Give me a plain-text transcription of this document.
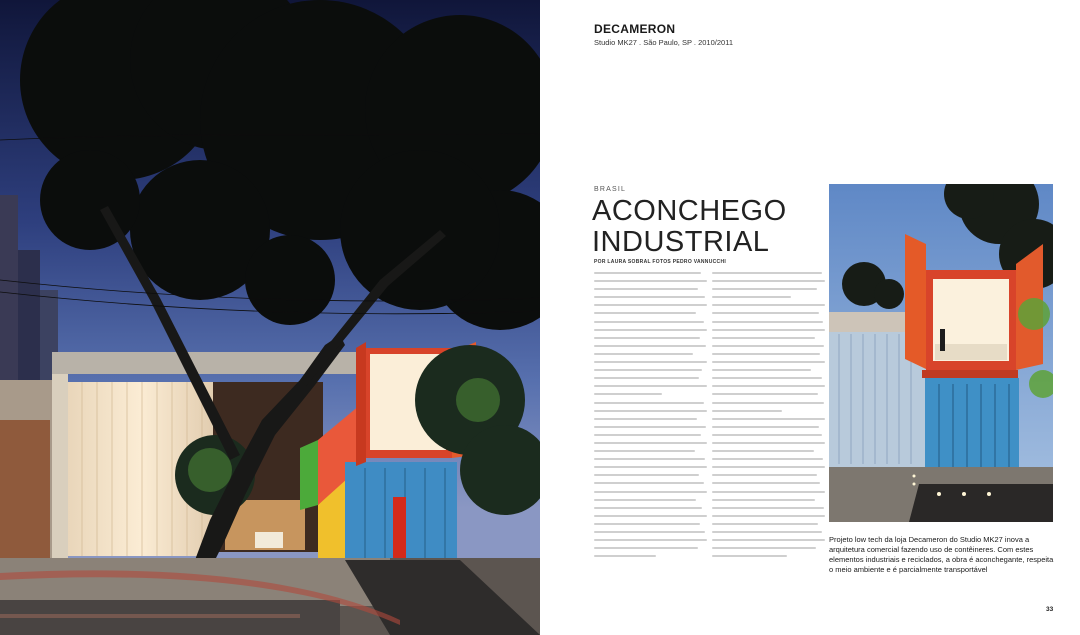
DECAMERON
Studio MK27 . São Paulo, SP . 2010/2011
BRASIL
ACONCHEGO
INDUSTRIAL
POR LAURA SOBRAL FOTOS PEDRO VANNUCCHI

Projeto low tech da loja Decameron do Studio MK27 inova a arquitetura comercial fazendo uso de contêineres. Com estes elementos industriais e reciclados, a obra é aconchegante, respeita o meio ambiente e é parcialmente transportável

33
